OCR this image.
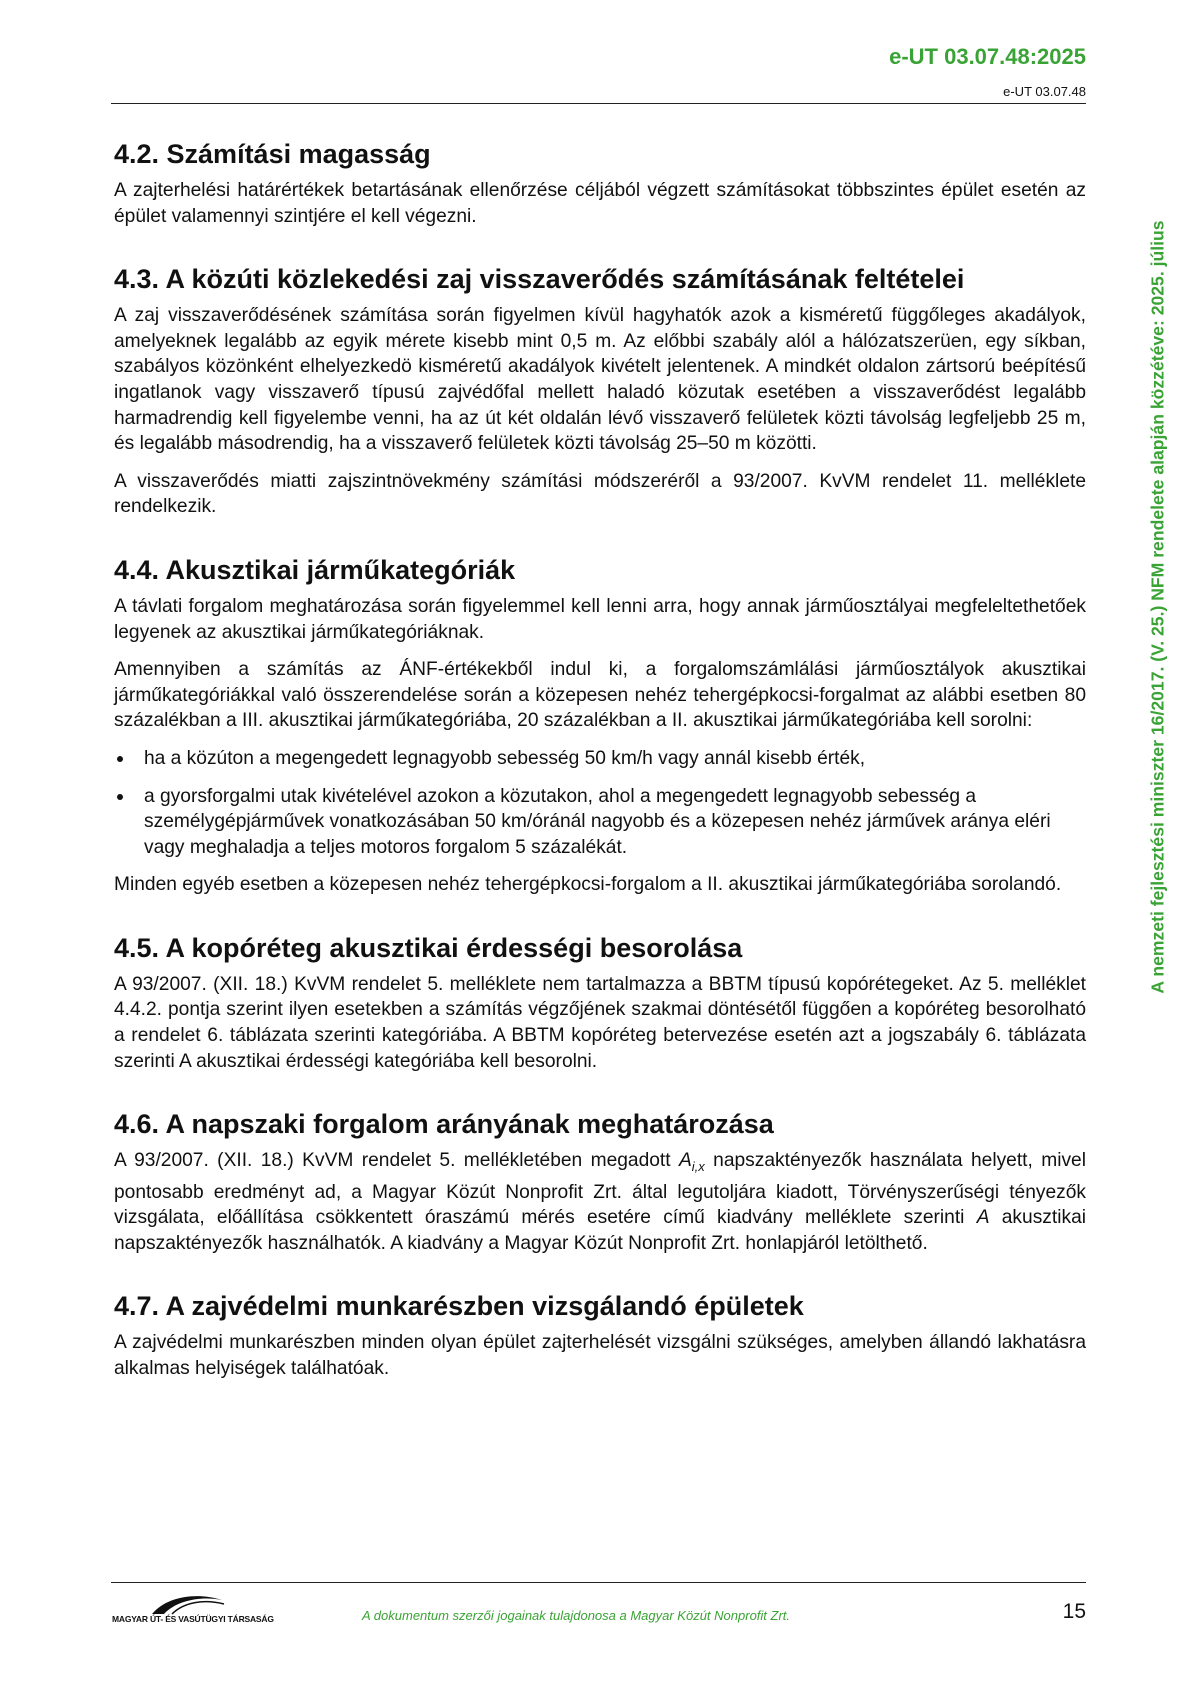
e-UT 03.07.48:2025
e-UT 03.07.48
A nemzeti fejlesztési miniszter 16/2017. (V. 25.) NFM rendelete alapján közzétéve: 2025. július
4.2. Számítási magasság

A zajterhelési határértékek betartásának ellenőrzése céljából végzett számításokat többszintes épület esetén az épület valamennyi szintjére el kell végezni.

4.3. A közúti közlekedési zaj visszaverődés számításának feltételei

A zaj visszaverődésének számítása során figyelmen kívül hagyhatók azok a kisméretű függőleges akadályok, amelyeknek legalább az egyik mérete kisebb mint 0,5 m. Az előbbi szabály alól a hálózatszerüen, egy síkban, szabályos közönként elhelyezkedö kisméretű akadályok kivételt jelentenek. A mindkét oldalon zártsorú beépítésű ingatlanok vagy visszaverő típusú zajvédőfal mellett haladó közutak esetében a visszaverődést legalább harmadrendig kell figyelembe venni, ha az út két oldalán lévő visszaverő felületek közti távolság legfeljebb 25 m, és legalább másodrendig, ha a visszaverő felületek közti távolság 25–50 m közötti.

A visszaverődés miatti zajszintnövekmény számítási módszeréről a 93/2007. KvVM rendelet 11. melléklete rendelkezik.

4.4. Akusztikai járműkategóriák

A távlati forgalom meghatározása során figyelemmel kell lenni arra, hogy annak járműosztályai megfeleltethetőek legyenek az akusztikai járműkategóriáknak.

Amennyiben a számítás az ÁNF-értékekből indul ki, a forgalomszámlálási járműosztályok akusztikai járműkategóriákkal való összerendelése során a közepesen nehéz tehergépkocsi-forgalmat az alábbi esetben 80 százalékban a III. akusztikai járműkategóriába, 20 százalékban a II. akusztikai járműkategóriába kell sorolni:

ha a közúton a megengedett legnagyobb sebesség 50 km/h vagy annál kisebb érték,
a gyorsforgalmi utak kivételével azokon a közutakon, ahol a megengedett legnagyobb sebesség a személygépjárművek vonatkozásában 50 km/óránál nagyobb és a közepesen nehéz járművek aránya eléri vagy meghaladja a teljes motoros forgalom 5 százalékát.

Minden egyéb esetben a közepesen nehéz tehergépkocsi-forgalom a II. akusztikai járműkategóriába sorolandó.

4.5. A kopóréteg akusztikai érdességi besorolása

A 93/2007. (XII. 18.) KvVM rendelet 5. melléklete nem tartalmazza a BBTM típusú kopórétegeket. Az 5. melléklet 4.4.2. pontja szerint ilyen esetekben a számítás végzőjének szakmai döntésétől függően a kopóréteg besorolható a rendelet 6. táblázata szerinti kategóriába. A BBTM kopóréteg betervezése esetén azt a jogszabály 6. táblázata szerinti A akusztikai érdességi kategóriába kell besorolni.

4.6. A napszaki forgalom arányának meghatározása

A 93/2007. (XII. 18.) KvVM rendelet 5. mellékletében megadott $A_{i,x}$ napszaktényezők használata helyett, mivel pontosabb eredményt ad, a Magyar Közút Nonprofit Zrt. által legutoljára kiadott, Törvényszerűségi tényezők vizsgálata, előállítása csökkentett óraszámú mérés esetére című kiadvány melléklete szerinti A akusztikai napszaktényezők használhatók. A kiadvány a Magyar Közút Nonprofit Zrt. honlapjáról letölthető.

4.7. A zajvédelmi munkarészben vizsgálandó épületek

A zajvédelmi munkarészben minden olyan épület zajterhelését vizsgálni szükséges, amelyben állandó lakhatásra alkalmas helyiségek találhatóak.

MAGYAR ÚT- ÉS VASÚTÜGYI TÁRSASÁG	A dokumentum szerzői jogainak tulajdonosa a Magyar Közút Nonprofit Zrt.	15
